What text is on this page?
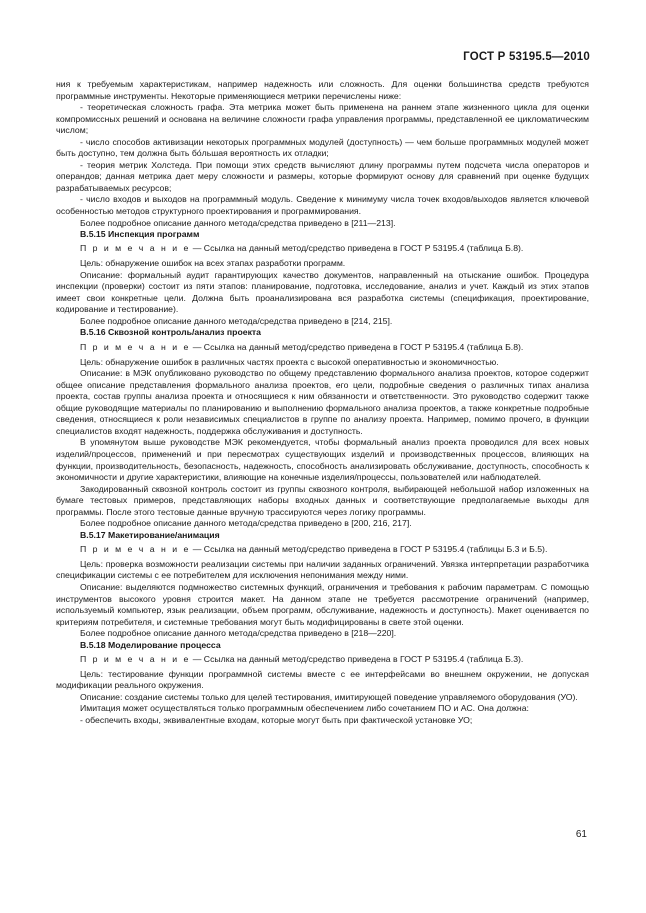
ГОСТ Р 53195.5—2010

ния к требуемым характеристикам, например надежность или сложность. Для оценки большинства средств требуются программные инструменты. Некоторые применяющиеся метрики перечислены ниже:

- теоретическая сложность графа. Эта метрика может быть применена на раннем этапе жизненного цикла для оценки компромиссных решений и основана на величине сложности графа управления программы, представленной ее цикломатическим числом;

- число способов активизации некоторых программных модулей (доступность) — чем больше программных модулей может быть доступно, тем должна быть бо́льшая вероятность их отладки;

- теория метрик Холстеда. При помощи этих средств вычисляют длину программы путем подсчета числа операторов и операндов; данная метрика дает меру сложности и размеры, которые формируют основу для сравнений при оценке будущих разрабатываемых ресурсов;

- число входов и выходов на программный модуль. Сведение к минимуму числа точек входов/выходов является ключевой особенностью методов структурного проектирования и программирования.

Более подробное описание данного метода/средства приведено в [211—213].

В.5.15 Инспекция программ

П р и м е ч а н и е — Ссылка на данный метод/средство приведена в ГОСТ Р 53195.4 (таблица Б.8).

Цель: обнаружение ошибок на всех этапах разработки программ.

Описание: формальный аудит гарантирующих качество документов, направленный на отыскание ошибок. Процедура инспекции (проверки) состоит из пяти этапов: планирование, подготовка, исследование, анализ и учет. Каждый из этих этапов имеет свои конкретные цели. Должна быть проанализирована вся разработка системы (спецификация, проектирование, кодирование и тестирование).

Более подробное описание данного метода/средства приведено в [214, 215].

В.5.16 Сквозной контроль/анализ проекта

П р и м е ч а н и е — Ссылка на данный метод/средство приведена в ГОСТ Р 53195.4 (таблица Б.8).

Цель: обнаружение ошибок в различных частях проекта с высокой оперативностью и экономичностью.

Описание: в МЭК опубликовано руководство по общему представлению формального анализа проектов, которое содержит общее описание представления формального анализа проектов, его цели, подробные сведения о различных типах анализа проекта, состав группы анализа проекта и относящиеся к ним обязанности и ответственности. Это руководство содержит также общие руководящие материалы по планированию и выполнению формального анализа проектов, а также конкретные подробные сведения, относящиеся к роли независимых специалистов в группе по анализу проекта. Например, помимо прочего, в функции специалистов входят надежность, поддержка обслуживания и доступность.

В упомянутом выше руководстве МЭК рекомендуется, чтобы формальный анализ проекта проводился для всех новых изделий/процессов, применений и при пересмотрах существующих изделий и производственных процессов, влияющих на функции, производительность, безопасность, надежность, способность анализировать обслуживание, доступность, способность к экономичности и другие характеристики, влияющие на конечные изделия/процессы, пользователей или наблюдателей.

Закодированный сквозной контроль состоит из группы сквозного контроля, выбирающей небольшой набор изложенных на бумаге тестовых примеров, представляющих наборы входных данных и соответствующие предполагаемые выходы для программы. После этого тестовые данные вручную трассируются через логику программы.

Более подробное описание данного метода/средства приведено в [200, 216, 217].

В.5.17 Макетирование/анимация

П р и м е ч а н и е — Ссылка на данный метод/средство приведена в ГОСТ Р 53195.4 (таблицы Б.3 и Б.5).

Цель: проверка возможности реализации системы при наличии заданных ограничений. Увязка интерпретации разработчика спецификации системы с ее потребителем для исключения непонимания между ними.

Описание: выделяются подмножество системных функций, ограничения и требования к рабочим параметрам. С помощью инструментов высокого уровня строится макет. На данном этапе не требуется рассмотрение ограничений (например, используемый компьютер, язык реализации, объем программ, обслуживание, надежность и доступность). Макет оценивается по критериям потребителя, и системные требования могут быть модифицированы в свете этой оценки.

Более подробное описание данного метода/средства приведено в [218—220].

В.5.18 Моделирование процесса

П р и м е ч а н и е — Ссылка на данный метод/средство приведена в ГОСТ Р 53195.4 (таблица Б.3).

Цель: тестирование функции программной системы вместе с ее интерфейсами во внешнем окружении, не допуская модификации реального окружения.

Описание: создание системы только для целей тестирования, имитирующей поведение управляемого оборудования (УО).

Имитация может осуществляться только программным обеспечением либо сочетанием ПО и АС. Она должна:

- обеспечить входы, эквивалентные входам, которые могут быть при фактической установке УО;

61
